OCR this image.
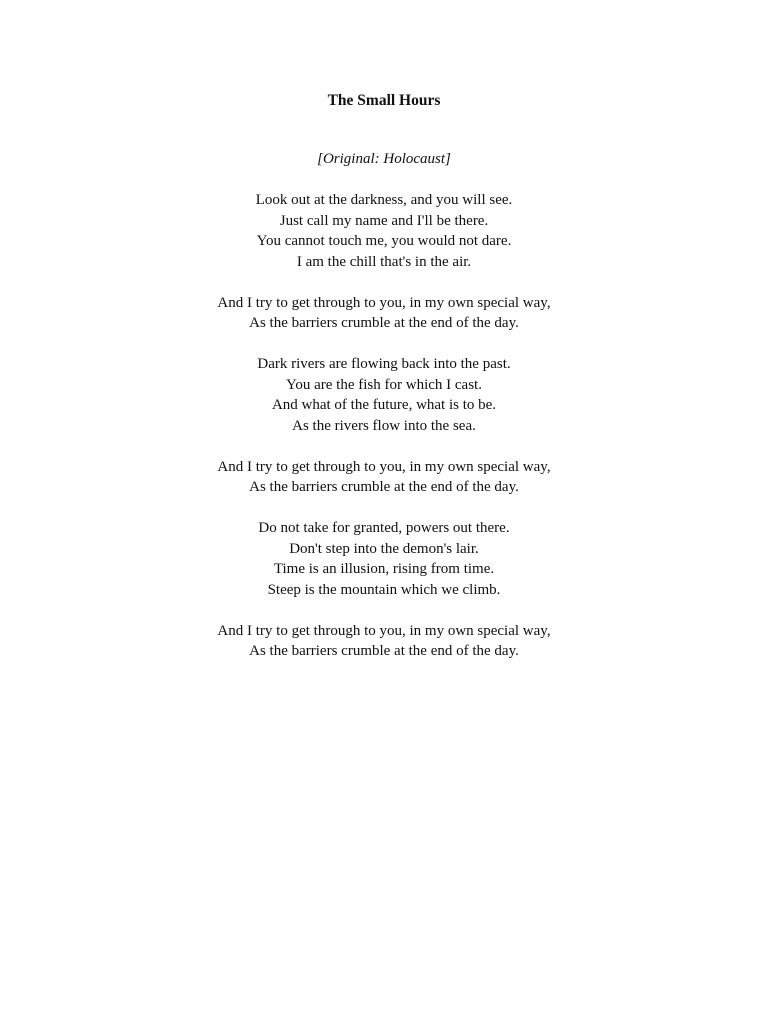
The Small Hours

[Original: Holocaust]

Look out at the darkness, and you will see.
Just call my name and I'll be there.
You cannot touch me, you would not dare.
I am the chill that's in the air.
And I try to get through to you, in my own special way,
As the barriers crumble at the end of the day.
Dark rivers are flowing back into the past.
You are the fish for which I cast.
And what of the future, what is to be.
As the rivers flow into the sea.
And I try to get through to you, in my own special way,
As the barriers crumble at the end of the day.
Do not take for granted, powers out there.
Don't step into the demon's lair.
Time is an illusion, rising from time.
Steep is the mountain which we climb.
And I try to get through to you, in my own special way,
As the barriers crumble at the end of the day.
